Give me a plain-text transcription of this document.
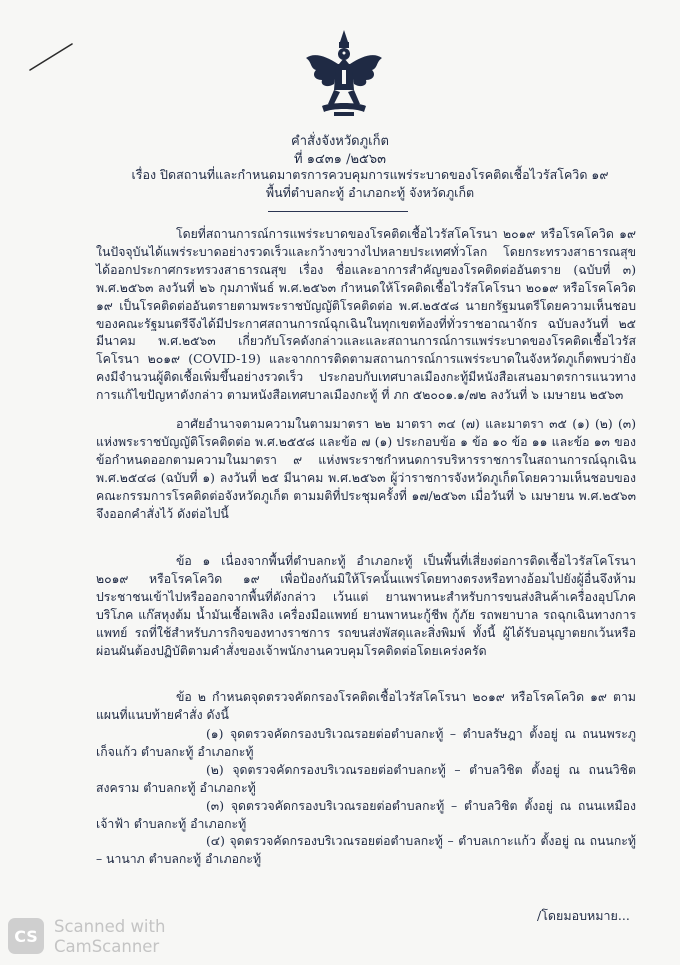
คำสั่งจังหวัดภูเก็ต
ที่ ๑๔๓๑ /๒๕๖๓
เรื่อง ปิดสถานที่และกำหนดมาตรการควบคุมการแพร่ระบาดของโรคติดเชื้อไวรัสโควิด ๑๙
พื้นที่ตำบลกะทู้ อำเภอกะทู้ จังหวัดภูเก็ต

โดยที่สถานการณ์การแพร่ระบาดของโรคติดเชื้อไวรัสโคโรนา ๒๐๑๙ หรือโรคโควิด ๑๙ ในปัจจุบันได้แพร่ระบาดอย่างรวดเร็วและกว้างขวางไปหลายประเทศทั่วโลก โดยกระทรวงสาธารณสุขได้ออกประกาศกระทรวงสาธารณสุข เรื่อง ชื่อและอาการสำคัญของโรคติดต่ออันตราย (ฉบับที่ ๓) พ.ศ.๒๕๖๓ ลงวันที่ ๒๖ กุมภาพันธ์ พ.ศ.๒๕๖๓ กำหนดให้โรคติดเชื้อไวรัสโคโรนา ๒๐๑๙ หรือโรคโควิด ๑๙ เป็นโรคติดต่ออันตรายตามพระราชบัญญัติโรคติดต่อ พ.ศ.๒๕๕๘ นายกรัฐมนตรีโดยความเห็นชอบของคณะรัฐมนตรีจึงได้มีประกาศสถานการณ์ฉุกเฉินในทุกเขตท้องที่ทั่วราชอาณาจักร ฉบับลงวันที่ ๒๕ มีนาคม พ.ศ.๒๕๖๓ เกี่ยวกับโรคดังกล่าวและและสถานการณ์การแพร่ระบาดของโรคติดเชื้อไวรัสโคโรนา ๒๐๑๙ (COVID-19) และจากการติดตามสถานการณ์การแพร่ระบาดในจังหวัดภูเก็ตพบว่ายังคงมีจำนวนผู้ติดเชื้อเพิ่มขึ้นอย่างรวดเร็ว ประกอบกับเทศบาลเมืองกะทู้มีหนังสือเสนอมาตรการแนวทางการแก้ไขปัญหาดังกล่าว ตามหนังสือเทศบาลเมืองกะทู้ ที่ ภก ๕๒๐๐๑.๑/๗๒ ลงวันที่ ๖ เมษายน ๒๕๖๓

อาศัยอำนาจตามความในตามมาตรา ๒๒ มาตรา ๓๔ (๗) และมาตรา ๓๕ (๑) (๒) (๓) แห่งพระราชบัญญัติโรคติดต่อ พ.ศ.๒๕๕๘ และข้อ ๗ (๑) ประกอบข้อ ๑ ข้อ ๑๐ ข้อ ๑๑ และข้อ ๑๓ ของข้อกำหนดออกตามความในมาตรา ๙ แห่งพระราชกำหนดการบริหารราชการในสถานการณ์ฉุกเฉิน พ.ศ.๒๕๔๘ (ฉบับที่ ๑) ลงวันที่ ๒๕ มีนาคม พ.ศ.๒๕๖๓ ผู้ว่าราชการจังหวัดภูเก็ตโดยความเห็นชอบของคณะกรรมการโรคติดต่อจังหวัดภูเก็ต ตามมติที่ประชุมครั้งที่ ๑๗/๒๕๖๓ เมื่อวันที่ ๖ เมษายน พ.ศ.๒๕๖๓ จึงออกคำสั่งไว้ ดังต่อไปนี้

ข้อ ๑ เนื่องจากพื้นที่ตำบลกะทู้ อำเภอกะทู้ เป็นพื้นที่เสี่ยงต่อการติดเชื้อไวรัสโคโรนา ๒๐๑๙ หรือโรคโควิด ๑๙ เพื่อป้องกันมิให้โรคนั้นแพร่โดยทางตรงหรือทางอ้อมไปยังผู้อื่นจึงห้ามประชาชนเข้าไปหรือออกจากพื้นที่ดังกล่าว เว้นแต่ ยานพาหนะสำหรับการขนส่งสินค้าเครื่องอุปโภคบริโภค แก๊สหุงต้ม น้ำมันเชื้อเพลิง เครื่องมือแพทย์ ยานพาหนะกู้ชีพ กู้ภัย รถพยาบาล รถฉุกเฉินทางการแพทย์ รถที่ใช้สำหรับภารกิจของทางราชการ รถขนส่งพัสดุและสิ่งพิมพ์ ทั้งนี้ ผู้ได้รับอนุญาตยกเว้นหรือผ่อนผันต้องปฏิบัติตามคำสั่งของเจ้าพนักงานควบคุมโรคติดต่อโดยเคร่งครัด

ข้อ ๒ กำหนดจุดตรวจคัดกรองโรคติดเชื้อไวรัสโคโรนา ๒๐๑๙ หรือโรคโควิด ๑๙ ตามแผนที่แนบท้ายคำสั่ง ดังนี้

(๑) จุดตรวจคัดกรองบริเวณรอยต่อตำบลกะทู้ – ตำบลรัษฎา ตั้งอยู่ ณ ถนนพระภูเก็จแก้ว ตำบลกะทู้ อำเภอกะทู้

(๒) จุดตรวจคัดกรองบริเวณรอยต่อตำบลกะทู้ – ตำบลวิชิต ตั้งอยู่ ณ ถนนวิชิตสงคราม ตำบลกะทู้ อำเภอกะทู้

(๓) จุดตรวจคัดกรองบริเวณรอยต่อตำบลกะทู้ – ตำบลวิชิต ตั้งอยู่ ณ ถนนเหมืองเจ้าฟ้า ตำบลกะทู้ อำเภอกะทู้

(๔) จุดตรวจคัดกรองบริเวณรอยต่อตำบลกะทู้ – ตำบลเกาะแก้ว ตั้งอยู่ ณ ถนนกะทู้ – นานาภ ตำบลกะทู้ อำเภอกะทู้

/โดยมอบหมาย...
CS Scanned with
CamScanner
